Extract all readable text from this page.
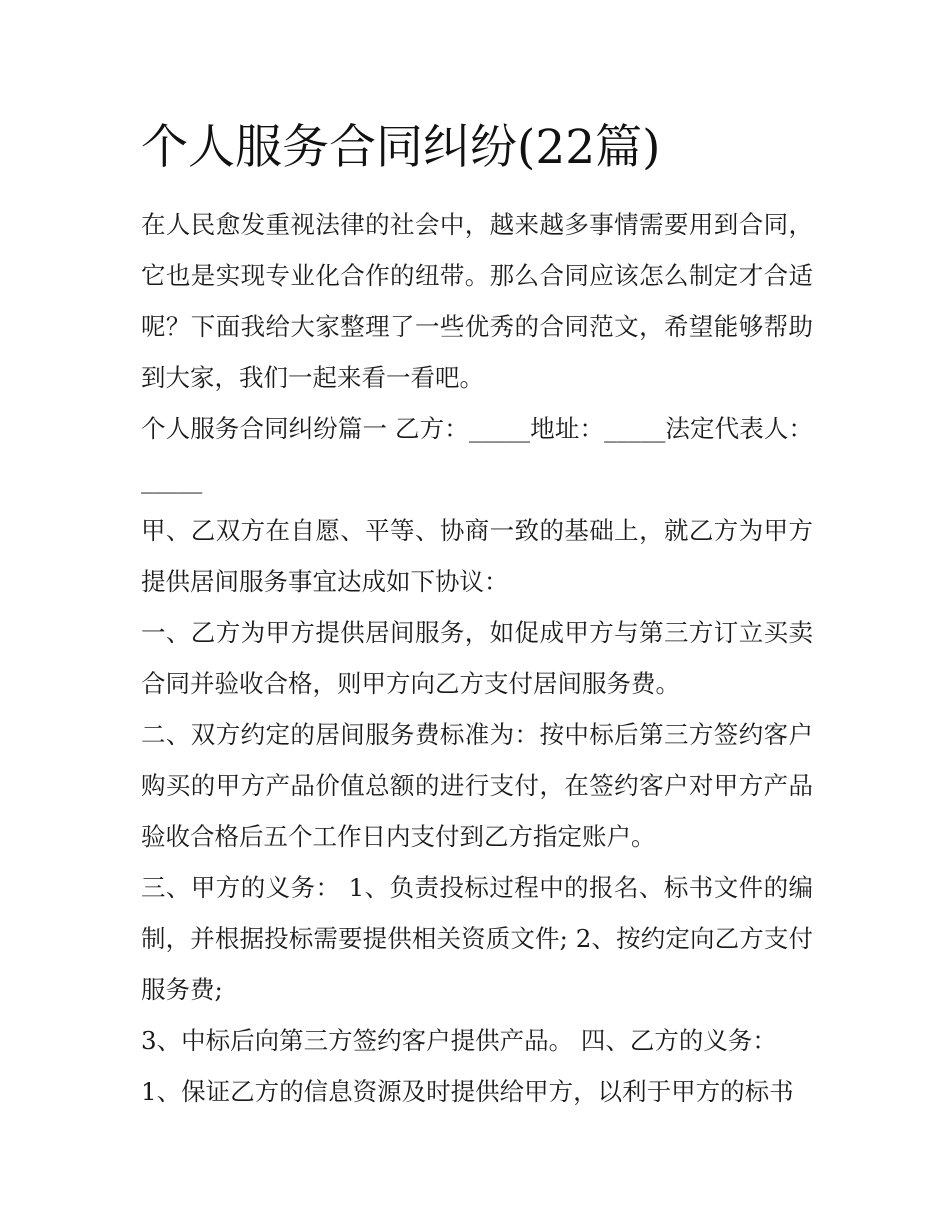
个人服务合同纠纷(22篇)

在人民愈发重视法律的社会中，越来越多事情需要用到合同，它也是实现专业化合作的纽带。那么合同应该怎么制定才合适呢？下面我给大家整理了一些优秀的合同范文，希望能够帮助到大家，我们一起来看一看吧。

个人服务合同纠纷篇一 乙方：_____地址：_____法定代表人：_____

甲、乙双方在自愿、平等、协商一致的基础上，就乙方为甲方提供居间服务事宜达成如下协议：

一、乙方为甲方提供居间服务，如促成甲方与第三方订立买卖合同并验收合格，则甲方向乙方支付居间服务费。

二、双方约定的居间服务费标准为：按中标后第三方签约客户购买的甲方产品价值总额的进行支付，在签约客户对甲方产品验收合格后五个工作日内支付到乙方指定账户。

三、甲方的义务： 1、负责投标过程中的报名、标书文件的编制，并根据投标需要提供相关资质文件; 2、按约定向乙方支付服务费;

3、中标后向第三方签约客户提供产品。 四、乙方的义务：

1、保证乙方的信息资源及时提供给甲方，以利于甲方的标书
